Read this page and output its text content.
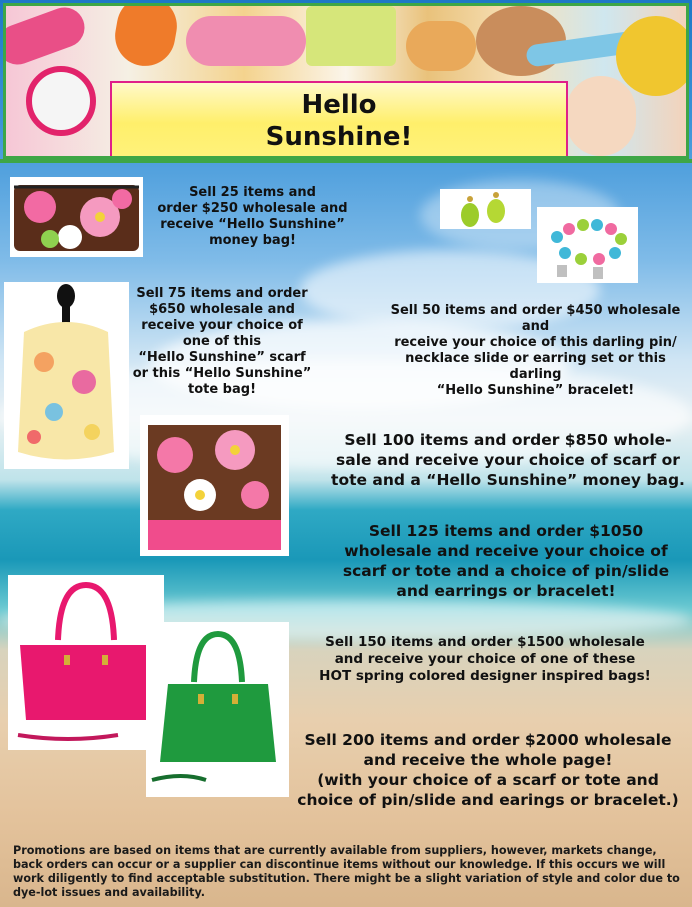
Hello
Sunshine!
Sell 25 items and
order $250 wholesale and
receive “Hello Sunshine”
money bag!
Sell 75 items and order
$650 wholesale and
receive your choice of
one of this
“Hello Sunshine” scarf
or this “Hello Sunshine”
tote bag!
Sell 50 items and order $450 wholesale and
receive your choice of this darling pin/
necklace slide or earring set or this darling
“Hello Sunshine” bracelet!
Sell 100 items and order $850 whole-
sale and receive your choice of scarf or
tote and a “Hello Sunshine” money bag.
Sell 125 items and order $1050
wholesale and receive your choice of
scarf or tote and a choice of pin/slide
and earrings or bracelet!
Sell 150 items and order $1500 wholesale
and receive your choice of one of these
HOT spring colored designer inspired bags!
Sell 200 items and order $2000 wholesale
and receive the whole page!
(with your choice of a scarf or tote and
choice of pin/slide and earings or bracelet.)
Promotions are based on items that are currently available from suppliers, however, markets change, back orders can occur or a supplier can discontinue items without our knowledge. If this occurs we will work diligently to find acceptable substitution. There might be a slight variation of style and color due to dye-lot issues and availability.
